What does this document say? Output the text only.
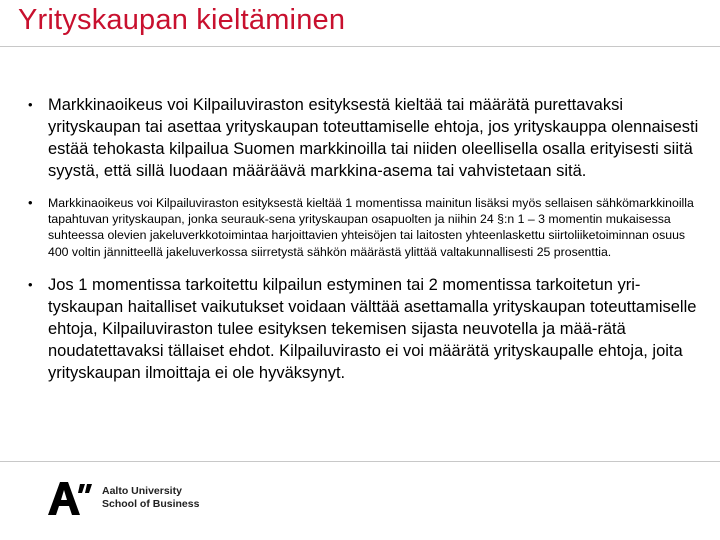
Yrityskaupan kieltäminen
• Markkinaoikeus voi Kilpailuviraston esityksestä kieltää tai määrätä purettavaksi yrityskaupan tai asettaa yrityskaupan toteuttamiselle ehtoja, jos yrityskauppa olennaisesti estää tehokasta kilpailua Suomen markkinoilla tai niiden oleellisella osalla erityisesti siitä syystä, että sillä luodaan määräävä markkina-asema tai vahvistetaan sitä.
• Markkinaoikeus voi Kilpailuviraston esityksestä kieltää 1 momentissa mainitun lisäksi myös sellaisen sähkömarkkinoilla tapahtuvan yrityskaupan, jonka seurauk-sena yrityskaupan osapuolten ja niihin 24 §:n 1 – 3 momentin mukaisessa suhteessa olevien jakeluverkkotoimintaa harjoittavien yhteisöjen tai laitosten yhteenlaskettu siirtoliiketoiminnan osuus 400 voltin jännitteellä jakeluverkossa siirretystä sähkön määrästä ylittää valtakunnallisesti 25 prosenttia.
• Jos 1 momentissa tarkoitettu kilpailun estyminen tai 2 momentissa tarkoitetun yri-tyskaupan haitalliset vaikutukset voidaan välttää asettamalla yrityskaupan toteuttamiselle ehtoja, Kilpailuviraston tulee esityksen tekemisen sijasta neuvotella ja mää-rätä noudatettavaksi tällaiset ehdot. Kilpailuvirasto ei voi määrätä yrityskaupalle ehtoja, joita yrityskaupan ilmoittaja ei ole hyväksynyt.
Aalto University
School of Business
